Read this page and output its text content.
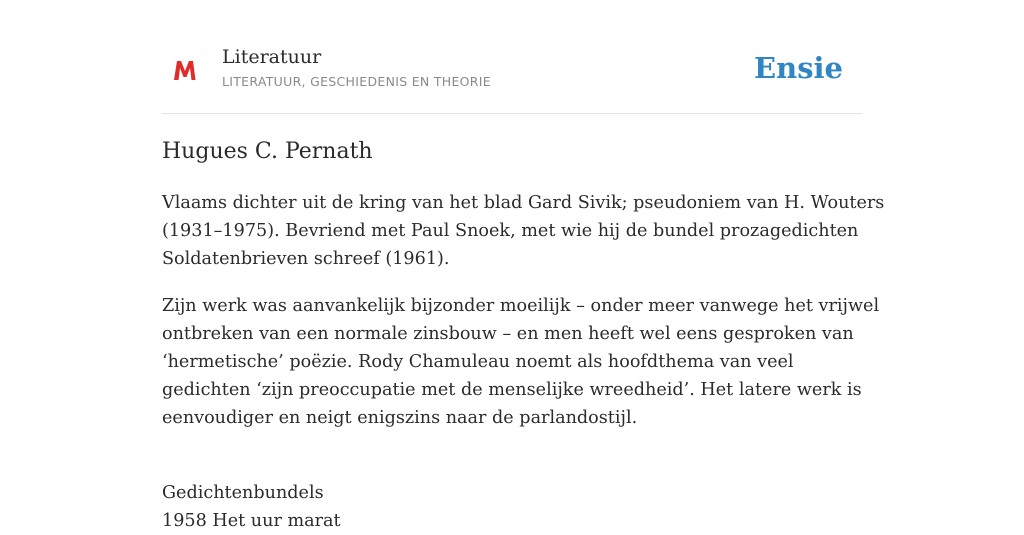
Literatuur
LITERATUUR, GESCHIEDENIS EN THEORIE	Ensie
Hugues C. Pernath

Vlaams dichter uit de kring van het blad Gard Sivik; pseudoniem van H. Wouters
(1931–1975). Bevriend met Paul Snoek, met wie hij de bundel prozagedichten
Soldatenbrieven schreef (1961).

Zijn werk was aanvankelijk bijzonder moeilijk – onder meer vanwege het vrijwel
ontbreken van een normale zinsbouw – en men heeft wel eens gesproken van
‘hermetische’ poëzie. Rody Chamuleau noemt als hoofdthema van veel
gedichten ‘zijn preoccupatie met de menselijke wreedheid’. Het latere werk is
eenvoudiger en neigt enigszins naar de parlandostijl.

Gedichtenbundels
1958 Het uur marat
